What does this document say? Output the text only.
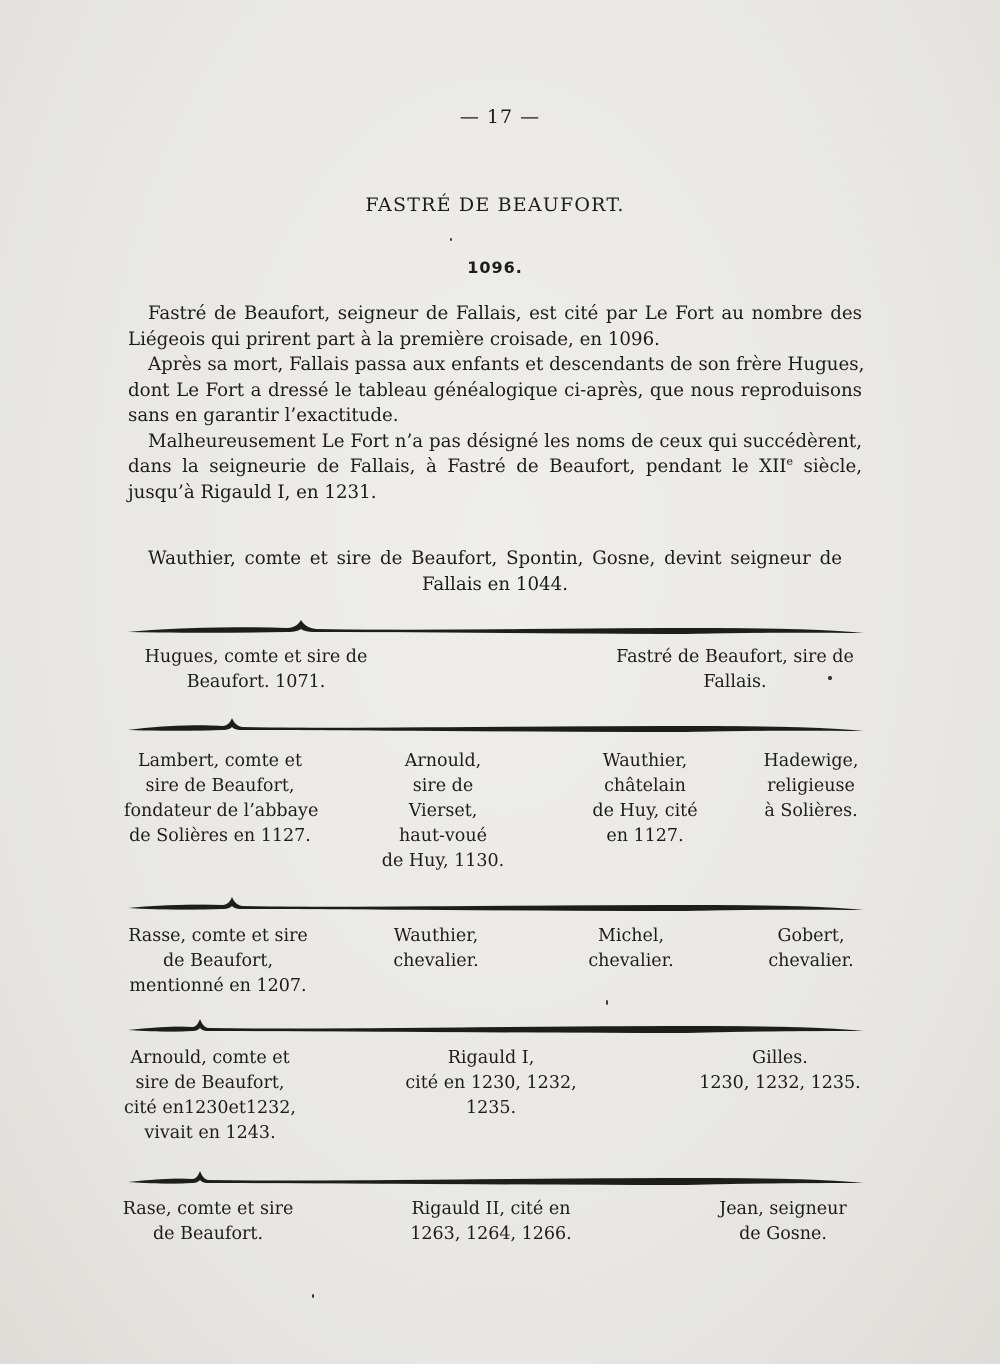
— 17 —
FASTRÉ DE BEAUFORT.
1096.
Fastré de Beaufort, seigneur de Fallais, est cité par Le Fort au nombre des
Liégeois qui prirent part à la première croisade, en 1096.
Après sa mort, Fallais passa aux enfants et descendants de son frère Hugues,
dont Le Fort a dressé le tableau généalogique ci-après, que nous reproduisons
sans en garantir l’exactitude.
Malheureusement Le Fort n’a pas désigné les noms de ceux qui succédèrent,
dans la seigneurie de Fallais, à Fastré de Beaufort, pendant le XIIe siècle,
jusqu’à Rigauld I, en 1231.
Wauthier, comte et sire de Beaufort, Spontin, Gosne, devint seigneur de
Fallais en 1044.
Hugues, comte et sire de
Beaufort. 1071.
Fastré de Beaufort, sire de
Fallais.
Lambert, comte et
sire de Beaufort,
fondateur de l’abbaye
de Solières en 1127.
Arnould,
sire de
Vierset,
haut-voué
de Huy, 1130.
Wauthier,
châtelain
de Huy, cité
en 1127.
Hadewige,
religieuse
à Solières.
Rasse, comte et sire
de Beaufort,
mentionné en 1207.
Wauthier,
chevalier.
Michel,
chevalier.
Gobert,
chevalier.
Arnould, comte et
sire de Beaufort,
cité en1230et1232,
vivait en 1243.
Rigauld I,
cité en 1230, 1232,
1235.
Gilles.
1230, 1232, 1235.
Rase, comte et sire
de Beaufort.
Rigauld II, cité en
1263, 1264, 1266.
Jean, seigneur
de Gosne.
